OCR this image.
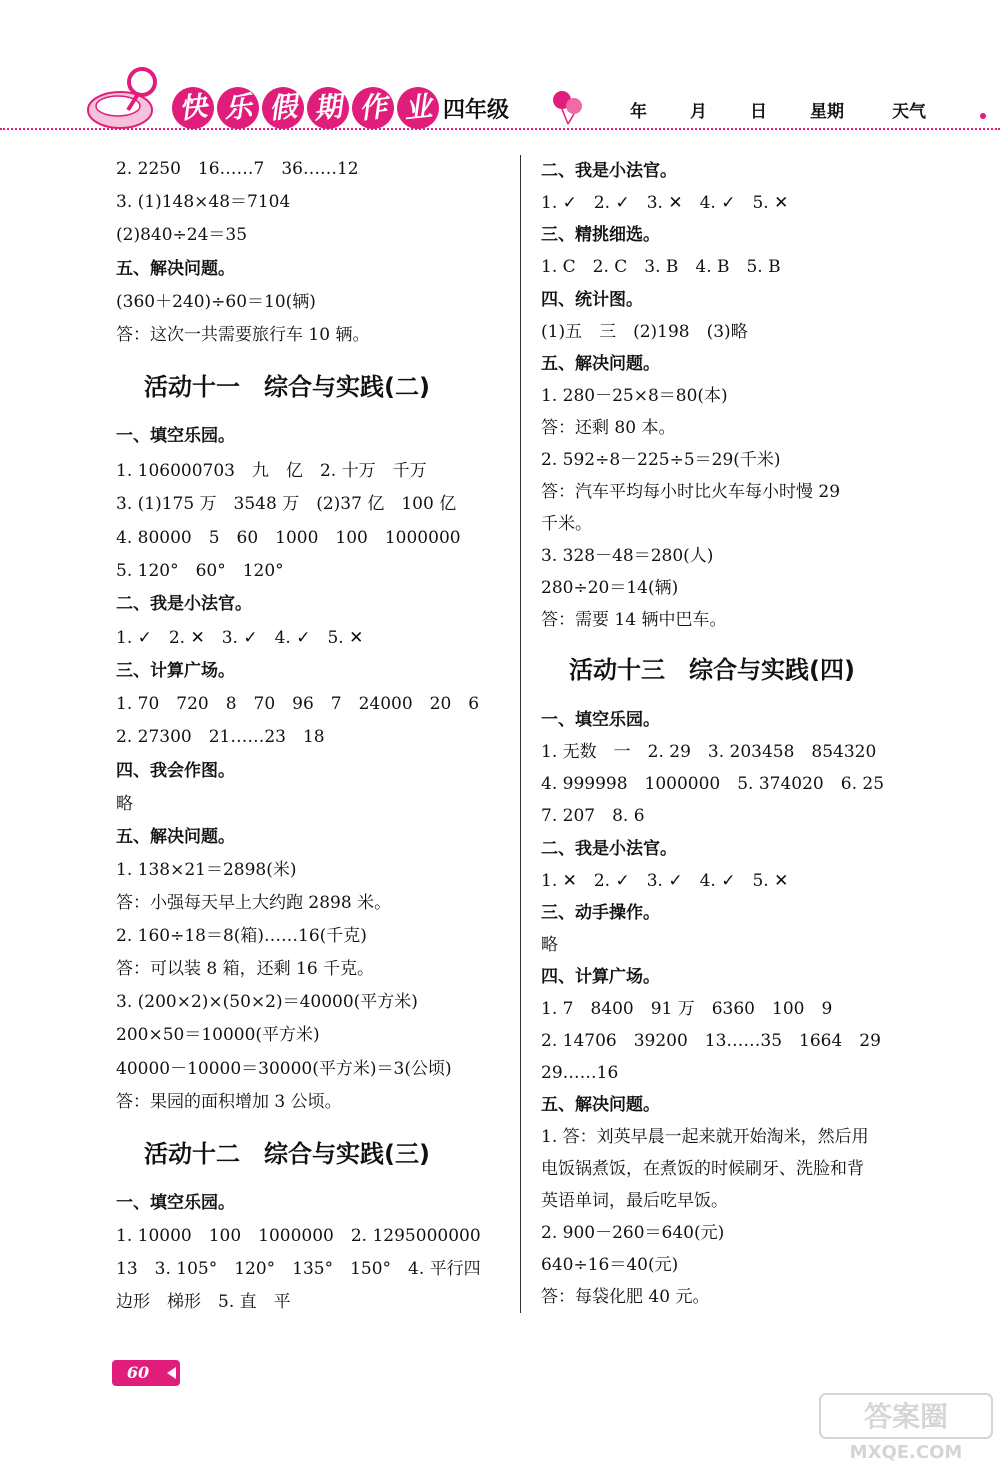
快 乐 假 期 作 业 四年级	年	月	日	星期	天气
2. 2250　16……7　36……12
3. (1)148×48＝7104
(2)840÷24＝35
五、解决问题。
(360＋240)÷60＝10(辆)
答：这次一共需要旅行车 10 辆。
活动十一　综合与实践(二)
一、填空乐园。
1. 106000703　九　亿　2. 十万　千万
3. (1)175 万　3548 万　(2)37 亿　100 亿
4. 80000　5　60　1000　100　1000000
5. 120°　60°　120°
二、我是小法官。
1. ✓　2. ✕　3. ✓　4. ✓　5. ✕
三、计算广场。
1. 70　720　8　70　96　7　24000　20　6
2. 27300　21……23　18
四、我会作图。
略
五、解决问题。
1. 138×21＝2898(米)
答：小强每天早上大约跑 2898 米。
2. 160÷18＝8(箱)……16(千克)
答：可以装 8 箱，还剩 16 千克。
3. (200×2)×(50×2)＝40000(平方米)
200×50＝10000(平方米)
40000－10000＝30000(平方米)＝3(公顷)
答：果园的面积增加 3 公顷。
活动十二　综合与实践(三)
一、填空乐园。
1. 10000　100　1000000　2. 1295000000
13　3. 105°　120°　135°　150°　4. 平行四
边形　梯形　5. 直　平
二、我是小法官。
1. ✓　2. ✓　3. ✕　4. ✓　5. ✕
三、精挑细选。
1. C　2. C　3. B　4. B　5. B
四、统计图。
(1)五　三　(2)198　(3)略
五、解决问题。
1. 280－25×8＝80(本)
答：还剩 80 本。
2. 592÷8－225÷5＝29(千米)
答：汽车平均每小时比火车每小时慢 29
千米。
3. 328－48＝280(人)
280÷20＝14(辆)
答：需要 14 辆中巴车。
活动十三　综合与实践(四)
一、填空乐园。
1. 无数　一　2. 29　3. 203458　854320
4. 999998　1000000　5. 374020　6. 25
7. 207　8. 6
二、我是小法官。
1. ✕　2. ✓　3. ✓　4. ✓　5. ✕
三、动手操作。
略
四、计算广场。
1. 7　8400　91 万　6360　100　9
2. 14706　39200　13……35　1664　29
29……16
五、解决问题。
1. 答：刘英早晨一起来就开始淘米，然后用
电饭锅煮饭，在煮饭的时候刷牙、洗脸和背
英语单词，最后吃早饭。
2. 900－260＝640(元)
640÷16＝40(元)
答：每袋化肥 40 元。
60
答案圈
MXQE.COM
